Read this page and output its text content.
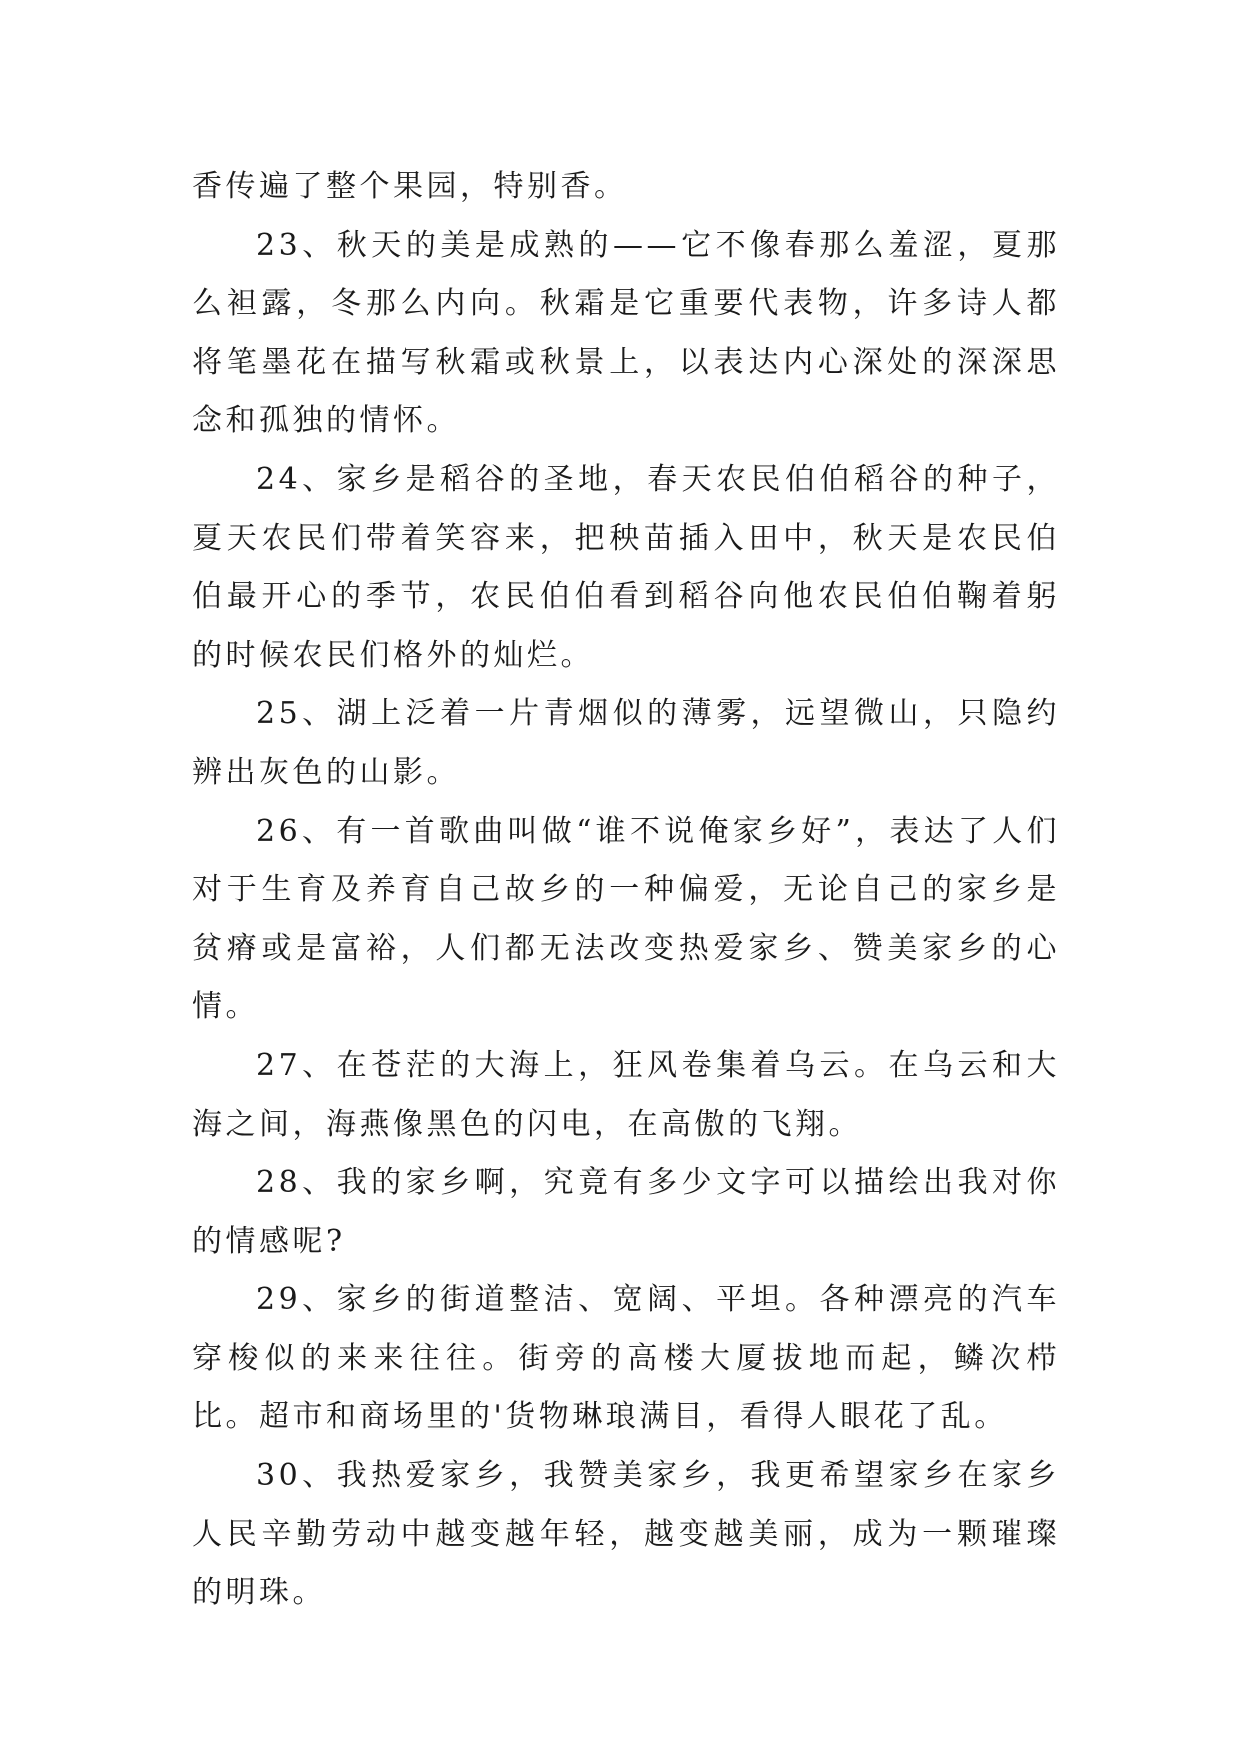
香传遍了整个果园，特别香。

23、秋天的美是成熟的——它不像春那么羞涩，夏那么袒露，冬那么内向。秋霜是它重要代表物，许多诗人都将笔墨花在描写秋霜或秋景上，以表达内心深处的深深思念和孤独的情怀。

24、家乡是稻谷的圣地，春天农民伯伯稻谷的种子，夏天农民们带着笑容来，把秧苗插入田中，秋天是农民伯伯最开心的季节，农民伯伯看到稻谷向他农民伯伯鞠着躬的时候农民们格外的灿烂。

25、湖上泛着一片青烟似的薄雾，远望微山，只隐约辨出灰色的山影。

26、有一首歌曲叫做“谁不说俺家乡好”，表达了人们对于生育及养育自己故乡的一种偏爱，无论自己的家乡是贫瘠或是富裕，人们都无法改变热爱家乡、赞美家乡的心情。

27、在苍茫的大海上，狂风卷集着乌云。在乌云和大海之间，海燕像黑色的闪电，在高傲的飞翔。

28、我的家乡啊，究竟有多少文字可以描绘出我对你的情感呢?

29、家乡的街道整洁、宽阔、平坦。各种漂亮的汽车穿梭似的来来往往。街旁的高楼大厦拔地而起，鳞次栉比。超市和商场里的'货物琳琅满目，看得人眼花了乱。

30、我热爱家乡，我赞美家乡，我更希望家乡在家乡人民辛勤劳动中越变越年轻，越变越美丽，成为一颗璀璨的明珠。
